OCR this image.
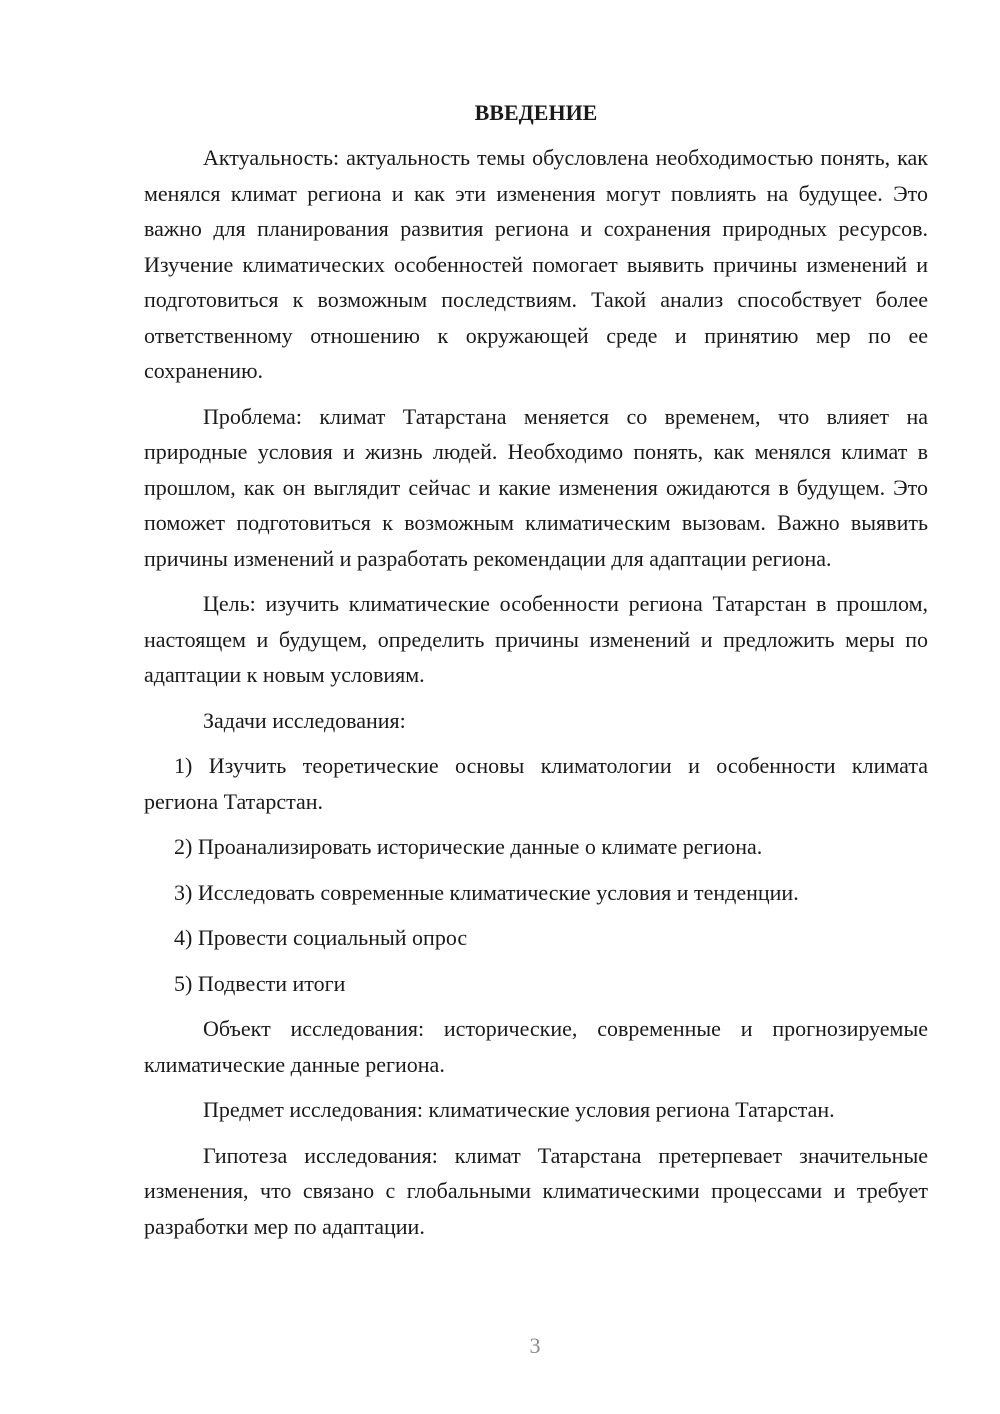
ВВЕДЕНИЕ

Актуальность: актуальность темы обусловлена необходимостью понять, как менялся климат региона и как эти изменения могут повлиять на будущее. Это важно для планирования развития региона и сохранения природных ресурсов. Изучение климатических особенностей помогает выявить причины изменений и подготовиться к возможным последствиям. Такой анализ способствует более ответственному отношению к окружающей среде и принятию мер по ее сохранению.

Проблема: климат Татарстана меняется со временем, что влияет на природные условия и жизнь людей. Необходимо понять, как менялся климат в прошлом, как он выглядит сейчас и какие изменения ожидаются в будущем. Это поможет подготовиться к возможным климатическим вызовам. Важно выявить причины изменений и разработать рекомендации для адаптации региона.

Цель: изучить климатические особенности региона Татарстан в прошлом, настоящем и будущем, определить причины изменений и предложить меры по адаптации к новым условиям.

Задачи исследования:

1) Изучить теоретические основы климатологии и особенности климата региона Татарстан.

2) Проанализировать исторические данные о климате региона.

3) Исследовать современные климатические условия и тенденции.

4) Провести социальный опрос

5) Подвести итоги

Объект исследования: исторические, современные и прогнозируемые климатические данные региона.

Предмет исследования: климатические условия региона Татарстан.

Гипотеза исследования: климат Татарстана претерпевает значительные изменения, что связано с глобальными климатическими процессами и требует разработки мер по адаптации.

3
